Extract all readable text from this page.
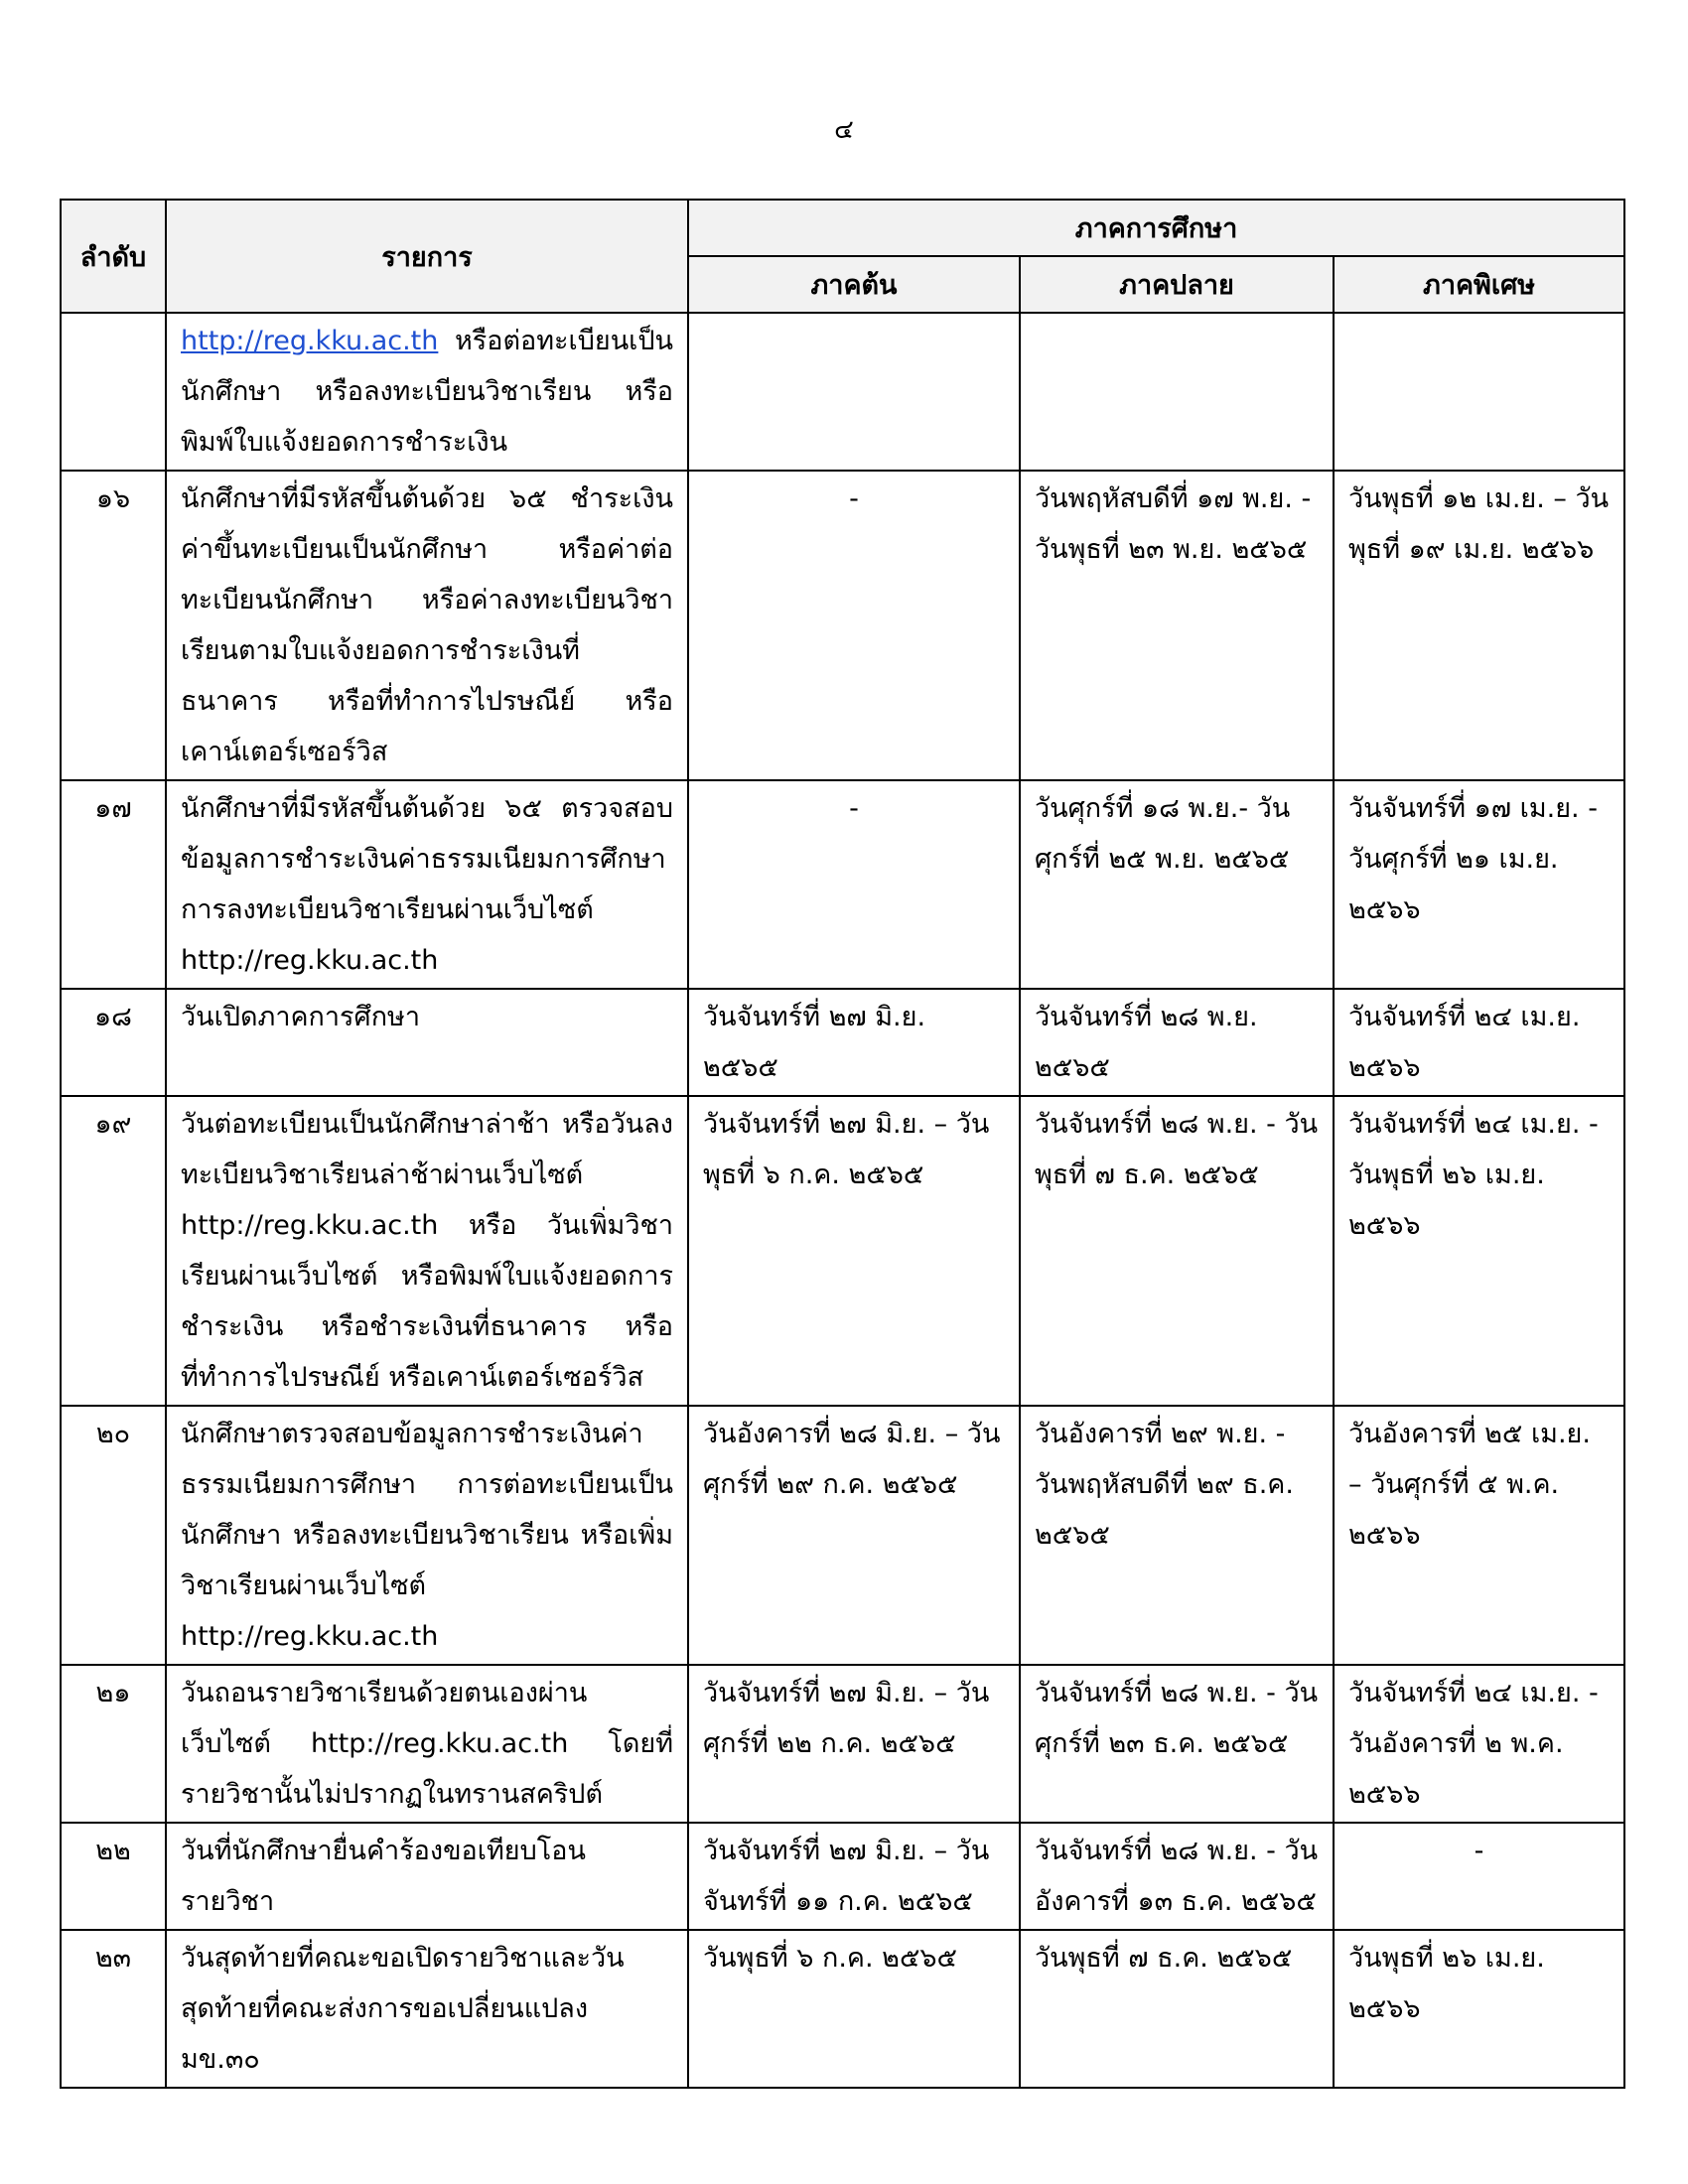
๔
ลำดับ	รายการ	ภาคการศึกษา		
		ภาคต้น	ภาคปลาย	ภาคพิเศษ
	http://reg.kku.ac.th หรือต่อทะเบียนเป็นนักศึกษา หรือลงทะเบียนวิชาเรียน หรือพิมพ์ใบแจ้งยอดการชำระเงิน			
๑๖	นักศึกษาที่มีรหัสขึ้นต้นด้วย ๖๕ ชำระเงินค่าขึ้นทะเบียนเป็นนักศึกษา หรือค่าต่อทะเบียนนักศึกษา หรือค่าลงทะเบียนวิชาเรียนตามใบแจ้งยอดการชำระเงินที่ธนาคาร หรือที่ทำการไปรษณีย์ หรือเคาน์เตอร์เซอร์วิส	-	วันพฤหัสบดีที่ ๑๗ พ.ย. - วันพุธที่ ๒๓ พ.ย. ๒๕๖๕	วันพุธที่ ๑๒ เม.ย. – วันพุธที่ ๑๙ เม.ย. ๒๕๖๖
๑๗	นักศึกษาที่มีรหัสขึ้นต้นด้วย ๖๕ ตรวจสอบข้อมูลการชำระเงินค่าธรรมเนียมการศึกษา การลงทะเบียนวิชาเรียนผ่านเว็บไซต์ http://reg.kku.ac.th	-	วันศุกร์ที่ ๑๘ พ.ย.- วันศุกร์ที่ ๒๕ พ.ย. ๒๕๖๕	วันจันทร์ที่ ๑๗ เม.ย. - วันศุกร์ที่ ๒๑ เม.ย. ๒๕๖๖
๑๘	วันเปิดภาคการศึกษา	วันจันทร์ที่ ๒๗ มิ.ย. ๒๕๖๕	วันจันทร์ที่ ๒๘ พ.ย. ๒๕๖๕	วันจันทร์ที่ ๒๔ เม.ย. ๒๕๖๖
๑๙	วันต่อทะเบียนเป็นนักศึกษาล่าช้า หรือวันลงทะเบียนวิชาเรียนล่าช้าผ่านเว็บไซต์ http://reg.kku.ac.th หรือ วันเพิ่มวิชาเรียนผ่านเว็บไซต์ หรือพิมพ์ใบแจ้งยอดการชำระเงิน หรือชำระเงินที่ธนาคาร หรือที่ทำการไปรษณีย์ หรือเคาน์เตอร์เซอร์วิส	วันจันทร์ที่ ๒๗ มิ.ย. – วันพุธที่ ๖ ก.ค. ๒๕๖๕	วันจันทร์ที่ ๒๘ พ.ย. - วันพุธที่ ๗ ธ.ค. ๒๕๖๕	วันจันทร์ที่ ๒๔ เม.ย. - วันพุธที่ ๒๖ เม.ย. ๒๕๖๖
๒๐	นักศึกษาตรวจสอบข้อมูลการชำระเงินค่าธรรมเนียมการศึกษา การต่อทะเบียนเป็นนักศึกษา หรือลงทะเบียนวิชาเรียน หรือเพิ่มวิชาเรียนผ่านเว็บไซต์ http://reg.kku.ac.th	วันอังคารที่ ๒๘ มิ.ย. – วันศุกร์ที่ ๒๙ ก.ค. ๒๕๖๕	วันอังคารที่ ๒๙ พ.ย. - วันพฤหัสบดีที่ ๒๙ ธ.ค. ๒๕๖๕	วันอังคารที่ ๒๕ เม.ย. – วันศุกร์ที่ ๕ พ.ค. ๒๕๖๖
๒๑	วันถอนรายวิชาเรียนด้วยตนเองผ่านเว็บไซต์ http://reg.kku.ac.th โดยที่รายวิชานั้นไม่ปรากฏในทรานสคริปต์	วันจันทร์ที่ ๒๗ มิ.ย. – วันศุกร์ที่ ๒๒ ก.ค. ๒๕๖๕	วันจันทร์ที่ ๒๘ พ.ย. - วันศุกร์ที่ ๒๓ ธ.ค. ๒๕๖๕	วันจันทร์ที่ ๒๔ เม.ย. - วันอังคารที่ ๒ พ.ค. ๒๕๖๖
๒๒	วันที่นักศึกษายื่นคำร้องขอเทียบโอนรายวิชา	วันจันทร์ที่ ๒๗ มิ.ย. – วันจันทร์ที่ ๑๑ ก.ค. ๒๕๖๕	วันจันทร์ที่ ๒๘ พ.ย. - วันอังคารที่ ๑๓ ธ.ค. ๒๕๖๕	-
๒๓	วันสุดท้ายที่คณะขอเปิดรายวิชาและวันสุดท้ายที่คณะส่งการขอเปลี่ยนแปลง มข.๓๐	วันพุธที่ ๖ ก.ค. ๒๕๖๕	วันพุธที่ ๗ ธ.ค. ๒๕๖๕	วันพุธที่ ๒๖ เม.ย. ๒๕๖๖
